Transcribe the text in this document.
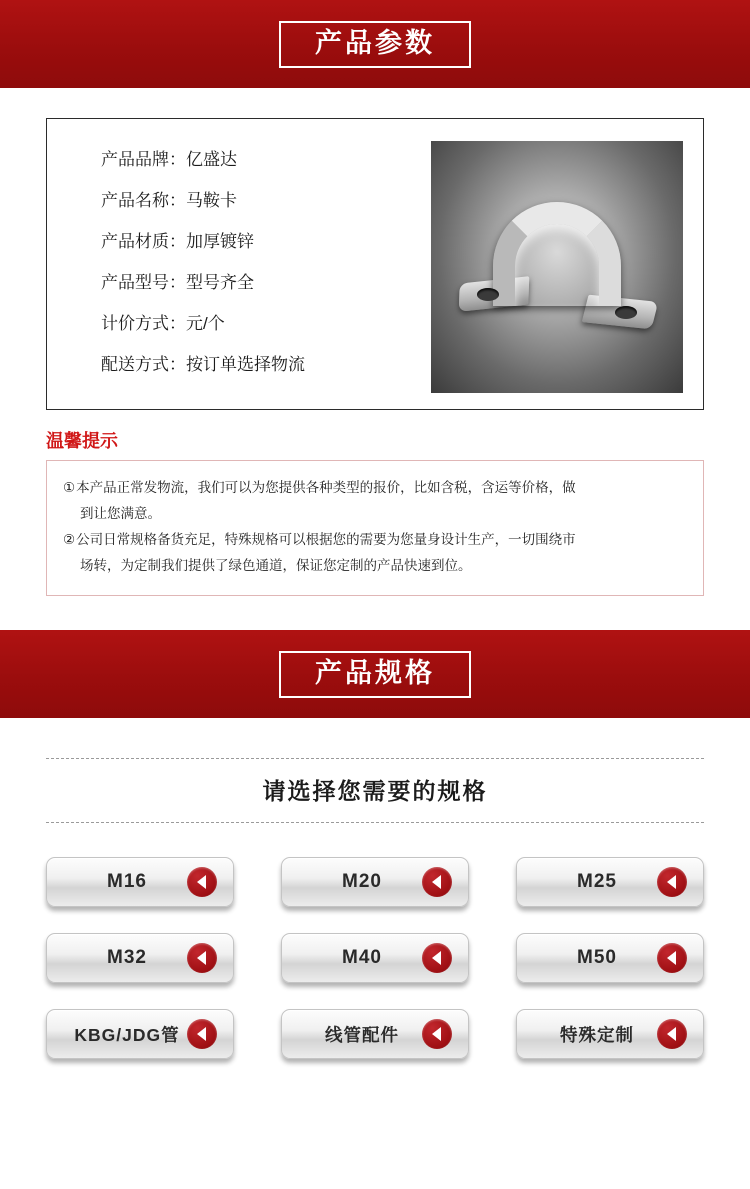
产品参数
产品品牌：亿盛达
产品名称：马鞍卡
产品材质：加厚镀锌
产品型号：型号齐全
计价方式：元/个
配送方式：按订单选择物流
温馨提示
①本产品正常发物流，我们可以为您提供各种类型的报价，比如含税，含运等价格，做
到让您满意。
②公司日常规格备货充足，特殊规格可以根据您的需要为您量身设计生产，一切围绕市
场转，为定制我们提供了绿色通道，保证您定制的产品快速到位。
产品规格
请选择您需要的规格
M16	M20	M25
M32	M40	M50
KBG/JDG管	线管配件	特殊定制
